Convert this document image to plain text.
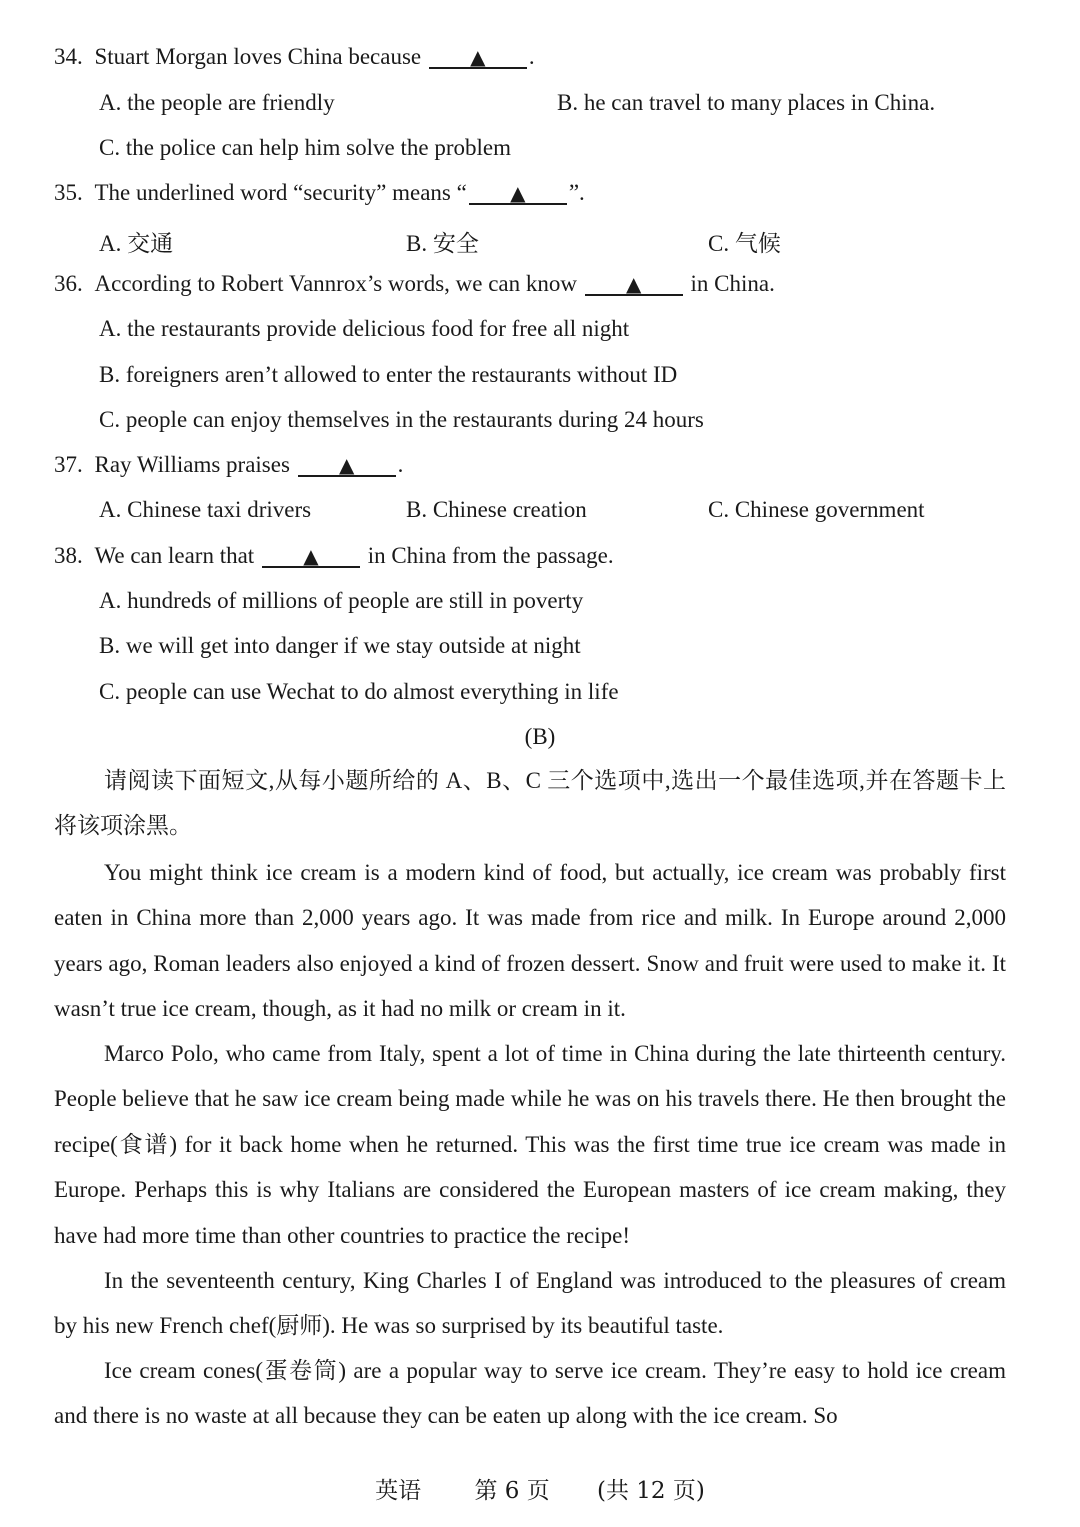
34. Stuart Morgan loves China because ▲ .
A. the people are friendly	B. he can travel to many places in China.
C. the police can help him solve the problem
35. The underlined word “security” means “ ▲ ”.
A. 交通	B. 安全	C. 气候
36. According to Robert Vannrox’s words, we can know ▲ in China.
A. the restaurants provide delicious food for free all night
B. foreigners aren’t allowed to enter the restaurants without ID
C. people can enjoy themselves in the restaurants during 24 hours
37. Ray Williams praises ▲ .
A. Chinese taxi drivers	B. Chinese creation	C. Chinese government
38. We can learn that ▲ in China from the passage.
A. hundreds of millions of people are still in poverty
B. we will get into danger if we stay outside at night
C. people can use Wechat to do almost everything in life
(B)
请阅读下面短文,从每小题所给的 A、B、C 三个选项中,选出一个最佳选项,并在答题卡上将该项涂黑。
You might think ice cream is a modern kind of food, but actually, ice cream was probably first eaten in China more than 2,000 years ago. It was made from rice and milk. In Europe around 2,000 years ago, Roman leaders also enjoyed a kind of frozen dessert. Snow and fruit were used to make it. It wasn’t true ice cream, though, as it had no milk or cream in it.
Marco Polo, who came from Italy, spent a lot of time in China during the late thirteenth century. People believe that he saw ice cream being made while he was on his travels there. He then brought the recipe(食谱) for it back home when he returned. This was the first time true ice cream was made in Europe. Perhaps this is why Italians are considered the European masters of ice cream making, they have had more time than other countries to practice the recipe!
In the seventeenth century, King Charles I of England was introduced to the pleasures of cream by his new French chef(厨师). He was so surprised by its beautiful taste.
Ice cream cones(蛋卷筒) are a popular way to serve ice cream. They’re easy to hold ice cream and there is no waste at all because they can be eaten up along with the ice cream. So
英语 第 6 页 (共 12 页)
